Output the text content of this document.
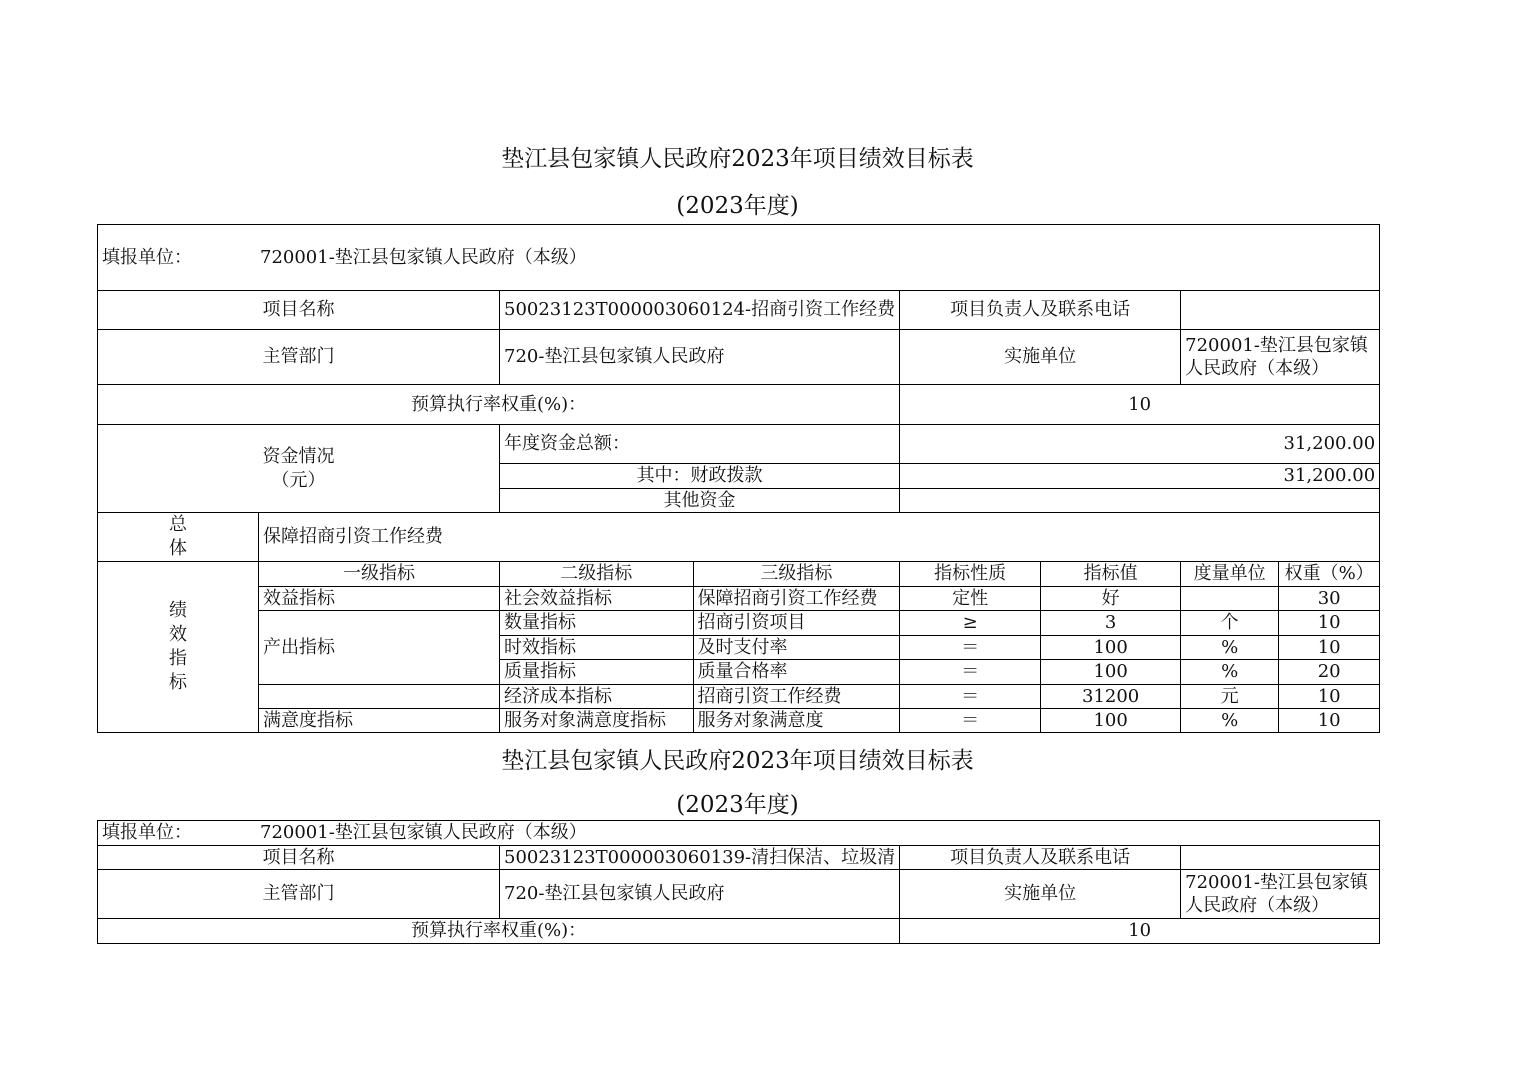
垫江县包家镇人民政府2023年项目绩效目标表
(2023年度)
填报单位： 720001-垫江县包家镇人民政府（本级）							
项目名称		50023123T000003060124-招商引资工作经费		项目负责人及联系电话			
主管部门		720-垫江县包家镇人民政府		实施单位		720001-垫江县包家镇人民政府（本级）	
预算执行率权重(%)：				10			

资金情况
（元）		年度资金总额：		31,200.00			
		其中：财政拨款		31,200.00			
		其他资金					

总
体	保障招商引资工作经费						

绩
效
指
标	一级指标	二级指标	三级指标	指标性质	指标值	度量单位	权重（%）
	效益指标	社会效益指标	保障招商引资工作经费	定性	好		30
	产出指标	数量指标	招商引资项目	≥	3	个	10
		时效指标	及时支付率	＝	100	%	10
		质量指标	质量合格率	＝	100	%	20
		经济成本指标	招商引资工作经费	＝	31200	元	10
	满意度指标	服务对象满意度指标	服务对象满意度	＝	100	%	10
垫江县包家镇人民政府2023年项目绩效目标表
(2023年度)
填报单位： 720001-垫江县包家镇人民政府（本级）			
项目名称	50023123T000003060139-清扫保洁、垃圾清	项目负责人及联系电话	
主管部门	720-垫江县包家镇人民政府	实施单位	720001-垫江县包家镇人民政府（本级）
预算执行率权重(%)：		10	
